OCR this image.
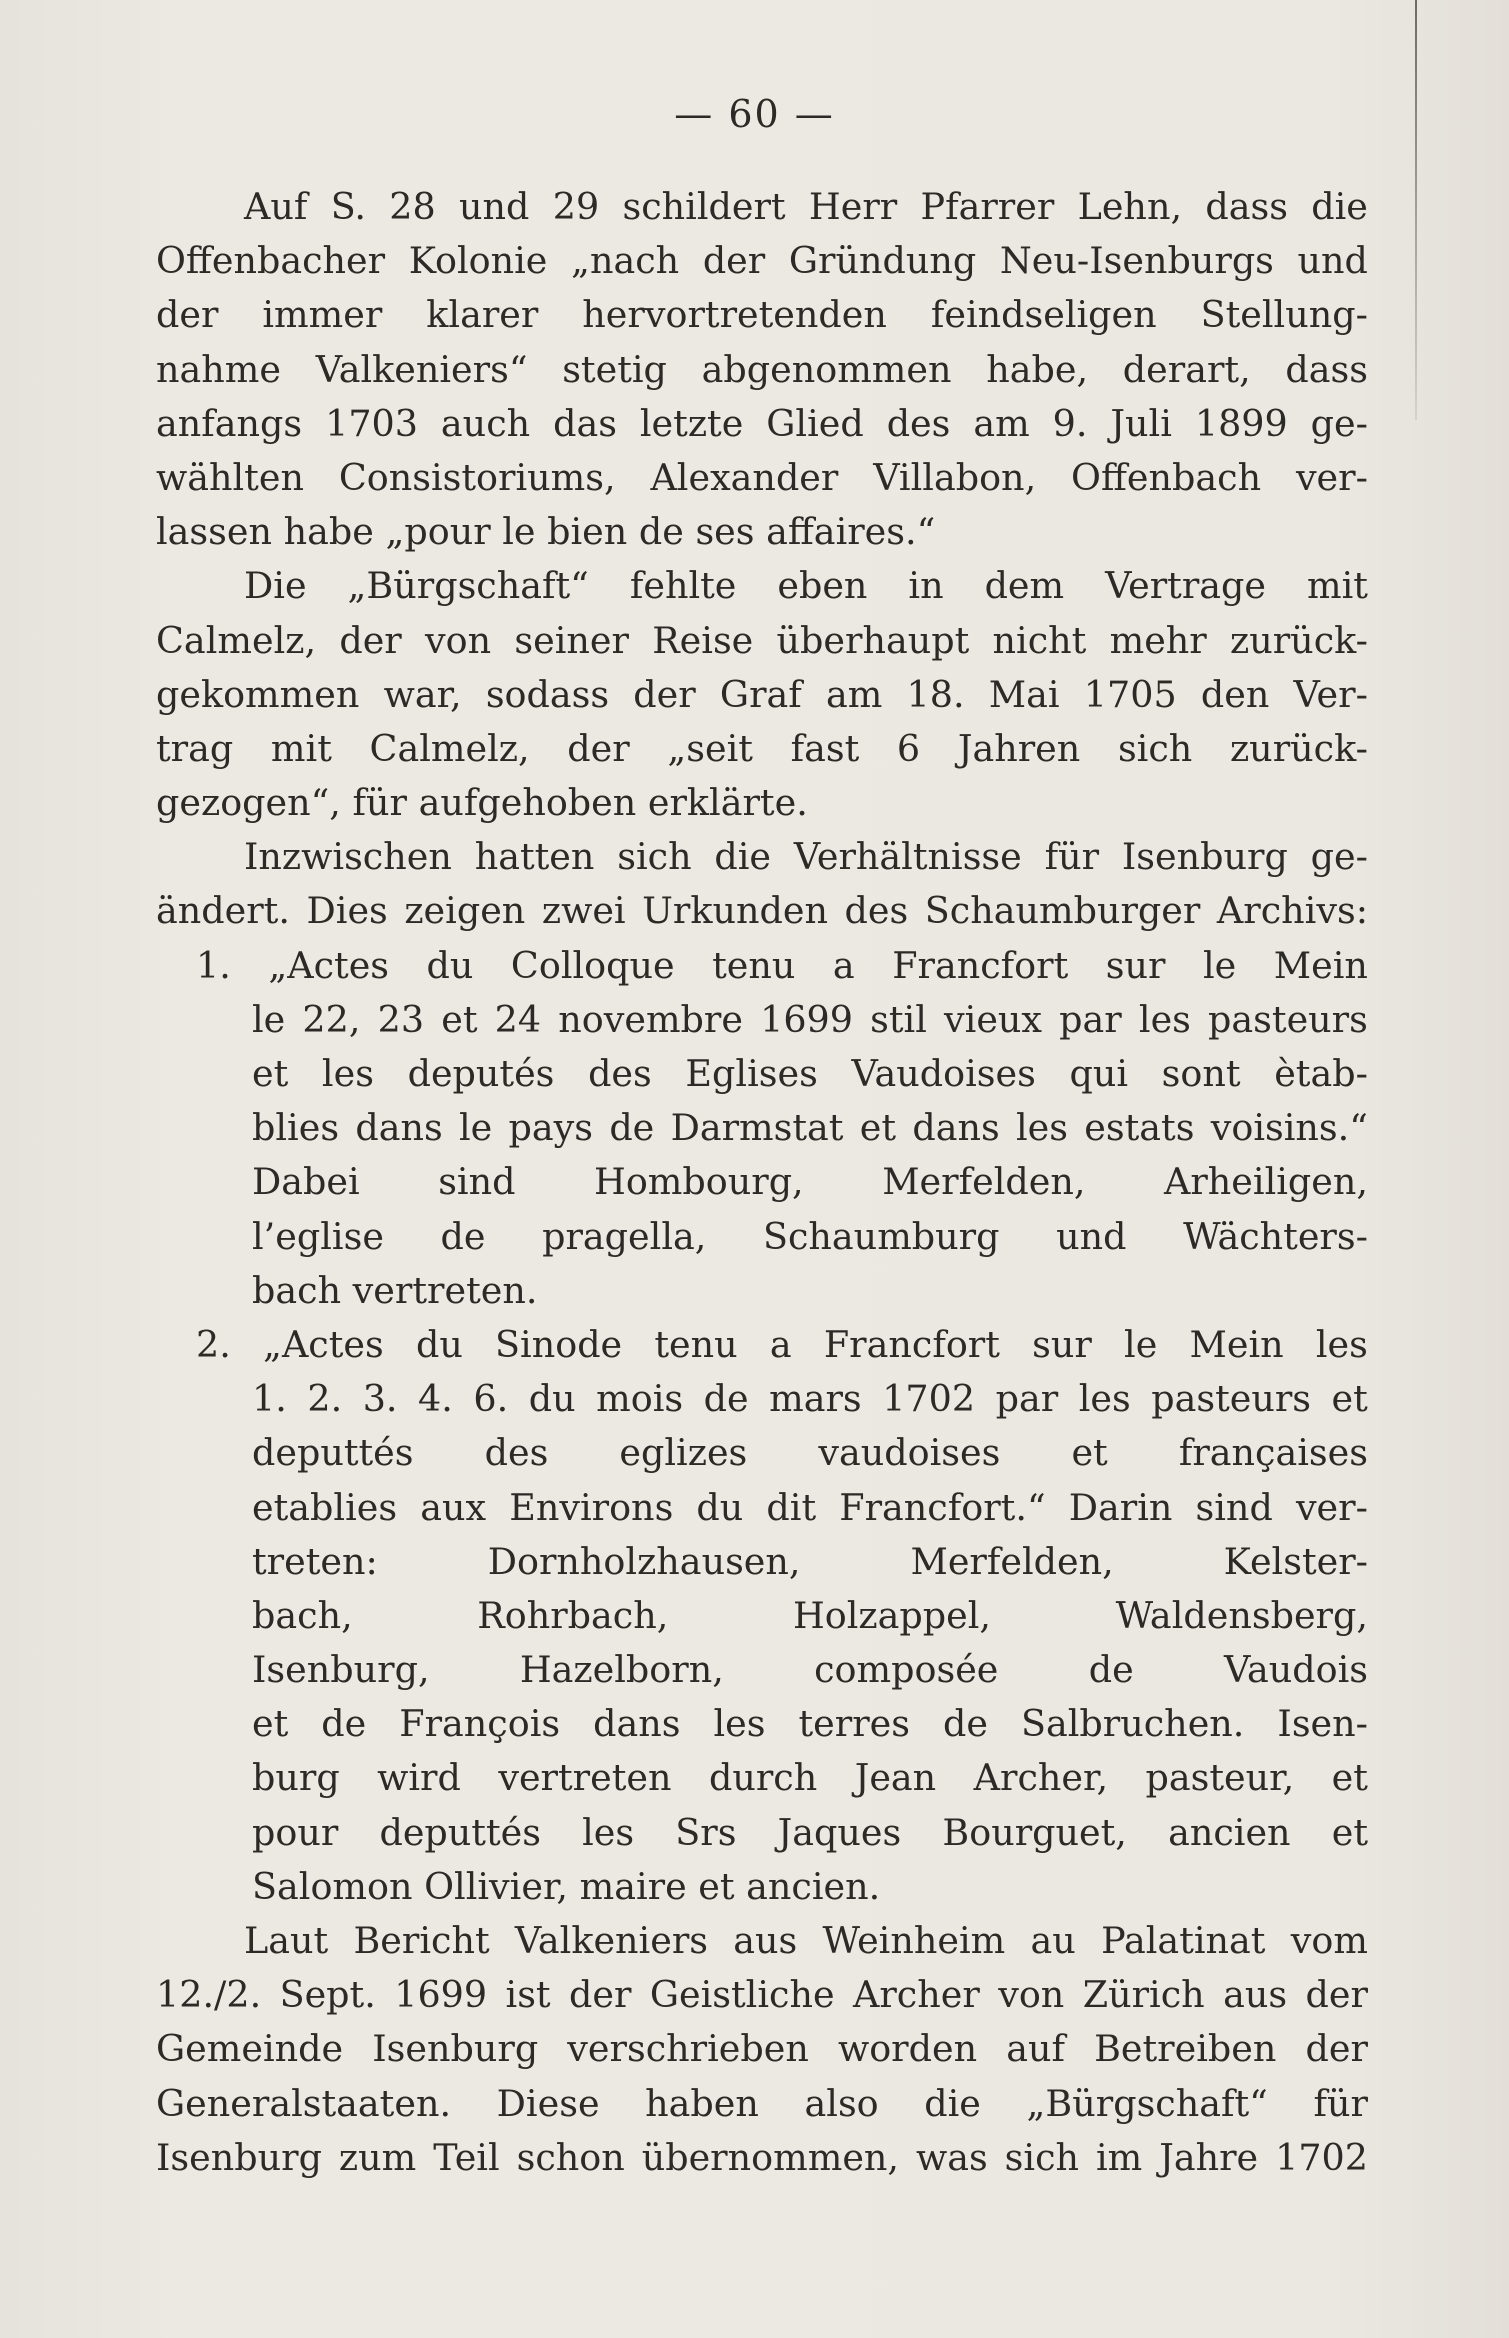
— 60 —
Auf S. 28 und 29 schildert Herr Pfarrer Lehn, dass die
Offenbacher Kolonie „nach der Gründung Neu-Isenburgs und
der immer klarer hervortretenden feindseligen Stellung-
nahme Valkeniers“ stetig abgenommen habe, derart, dass
anfangs 1703 auch das letzte Glied des am 9. Juli 1899 ge-
wählten Consistoriums, Alexander Villabon, Offenbach ver-
lassen habe „pour le bien de ses affaires.“
Die „Bürgschaft“ fehlte eben in dem Vertrage mit
Calmelz, der von seiner Reise überhaupt nicht mehr zurück-
gekommen war, sodass der Graf am 18. Mai 1705 den Ver-
trag mit Calmelz, der „seit fast 6 Jahren sich zurück-
gezogen“, für aufgehoben erklärte.
Inzwischen hatten sich die Verhältnisse für Isenburg ge-
ändert. Dies zeigen zwei Urkunden des Schaumburger Archivs:
1. „Actes du Colloque tenu a Francfort sur le Mein
le 22, 23 et 24 novembre 1699 stil vieux par les pasteurs
et les deputés des Eglises Vaudoises qui sont ètab-
blies dans le pays de Darmstat et dans les estats voisins.“
Dabei sind Hombourg, Merfelden, Arheiligen,
l’eglise de pragella, Schaumburg und Wächters-
bach vertreten.
2. „Actes du Sinode tenu a Francfort sur le Mein les
1. 2. 3. 4. 6. du mois de mars 1702 par les pasteurs et
deputtés des eglizes vaudoises et françaises
etablies aux Environs du dit Francfort.“ Darin sind ver-
treten:	Dornholzhausen,	Merfelden,	Kelster-
bach,	Rohrbach,	Holzappel,	Waldensberg,
Isenburg, Hazelborn, composée de Vaudois
et de François dans les terres de Salbruchen. Isen-
burg wird vertreten durch Jean Archer, pasteur, et
pour deputtés les Srs Jaques Bourguet, ancien et
Salomon Ollivier, maire et ancien.
Laut Bericht Valkeniers aus Weinheim au Palatinat vom
12./2. Sept. 1699 ist der Geistliche Archer von Zürich aus der
Gemeinde Isenburg verschrieben worden auf Betreiben der
Generalstaaten. Diese haben also die „Bürgschaft“ für
Isenburg zum Teil schon übernommen, was sich im Jahre 1702
